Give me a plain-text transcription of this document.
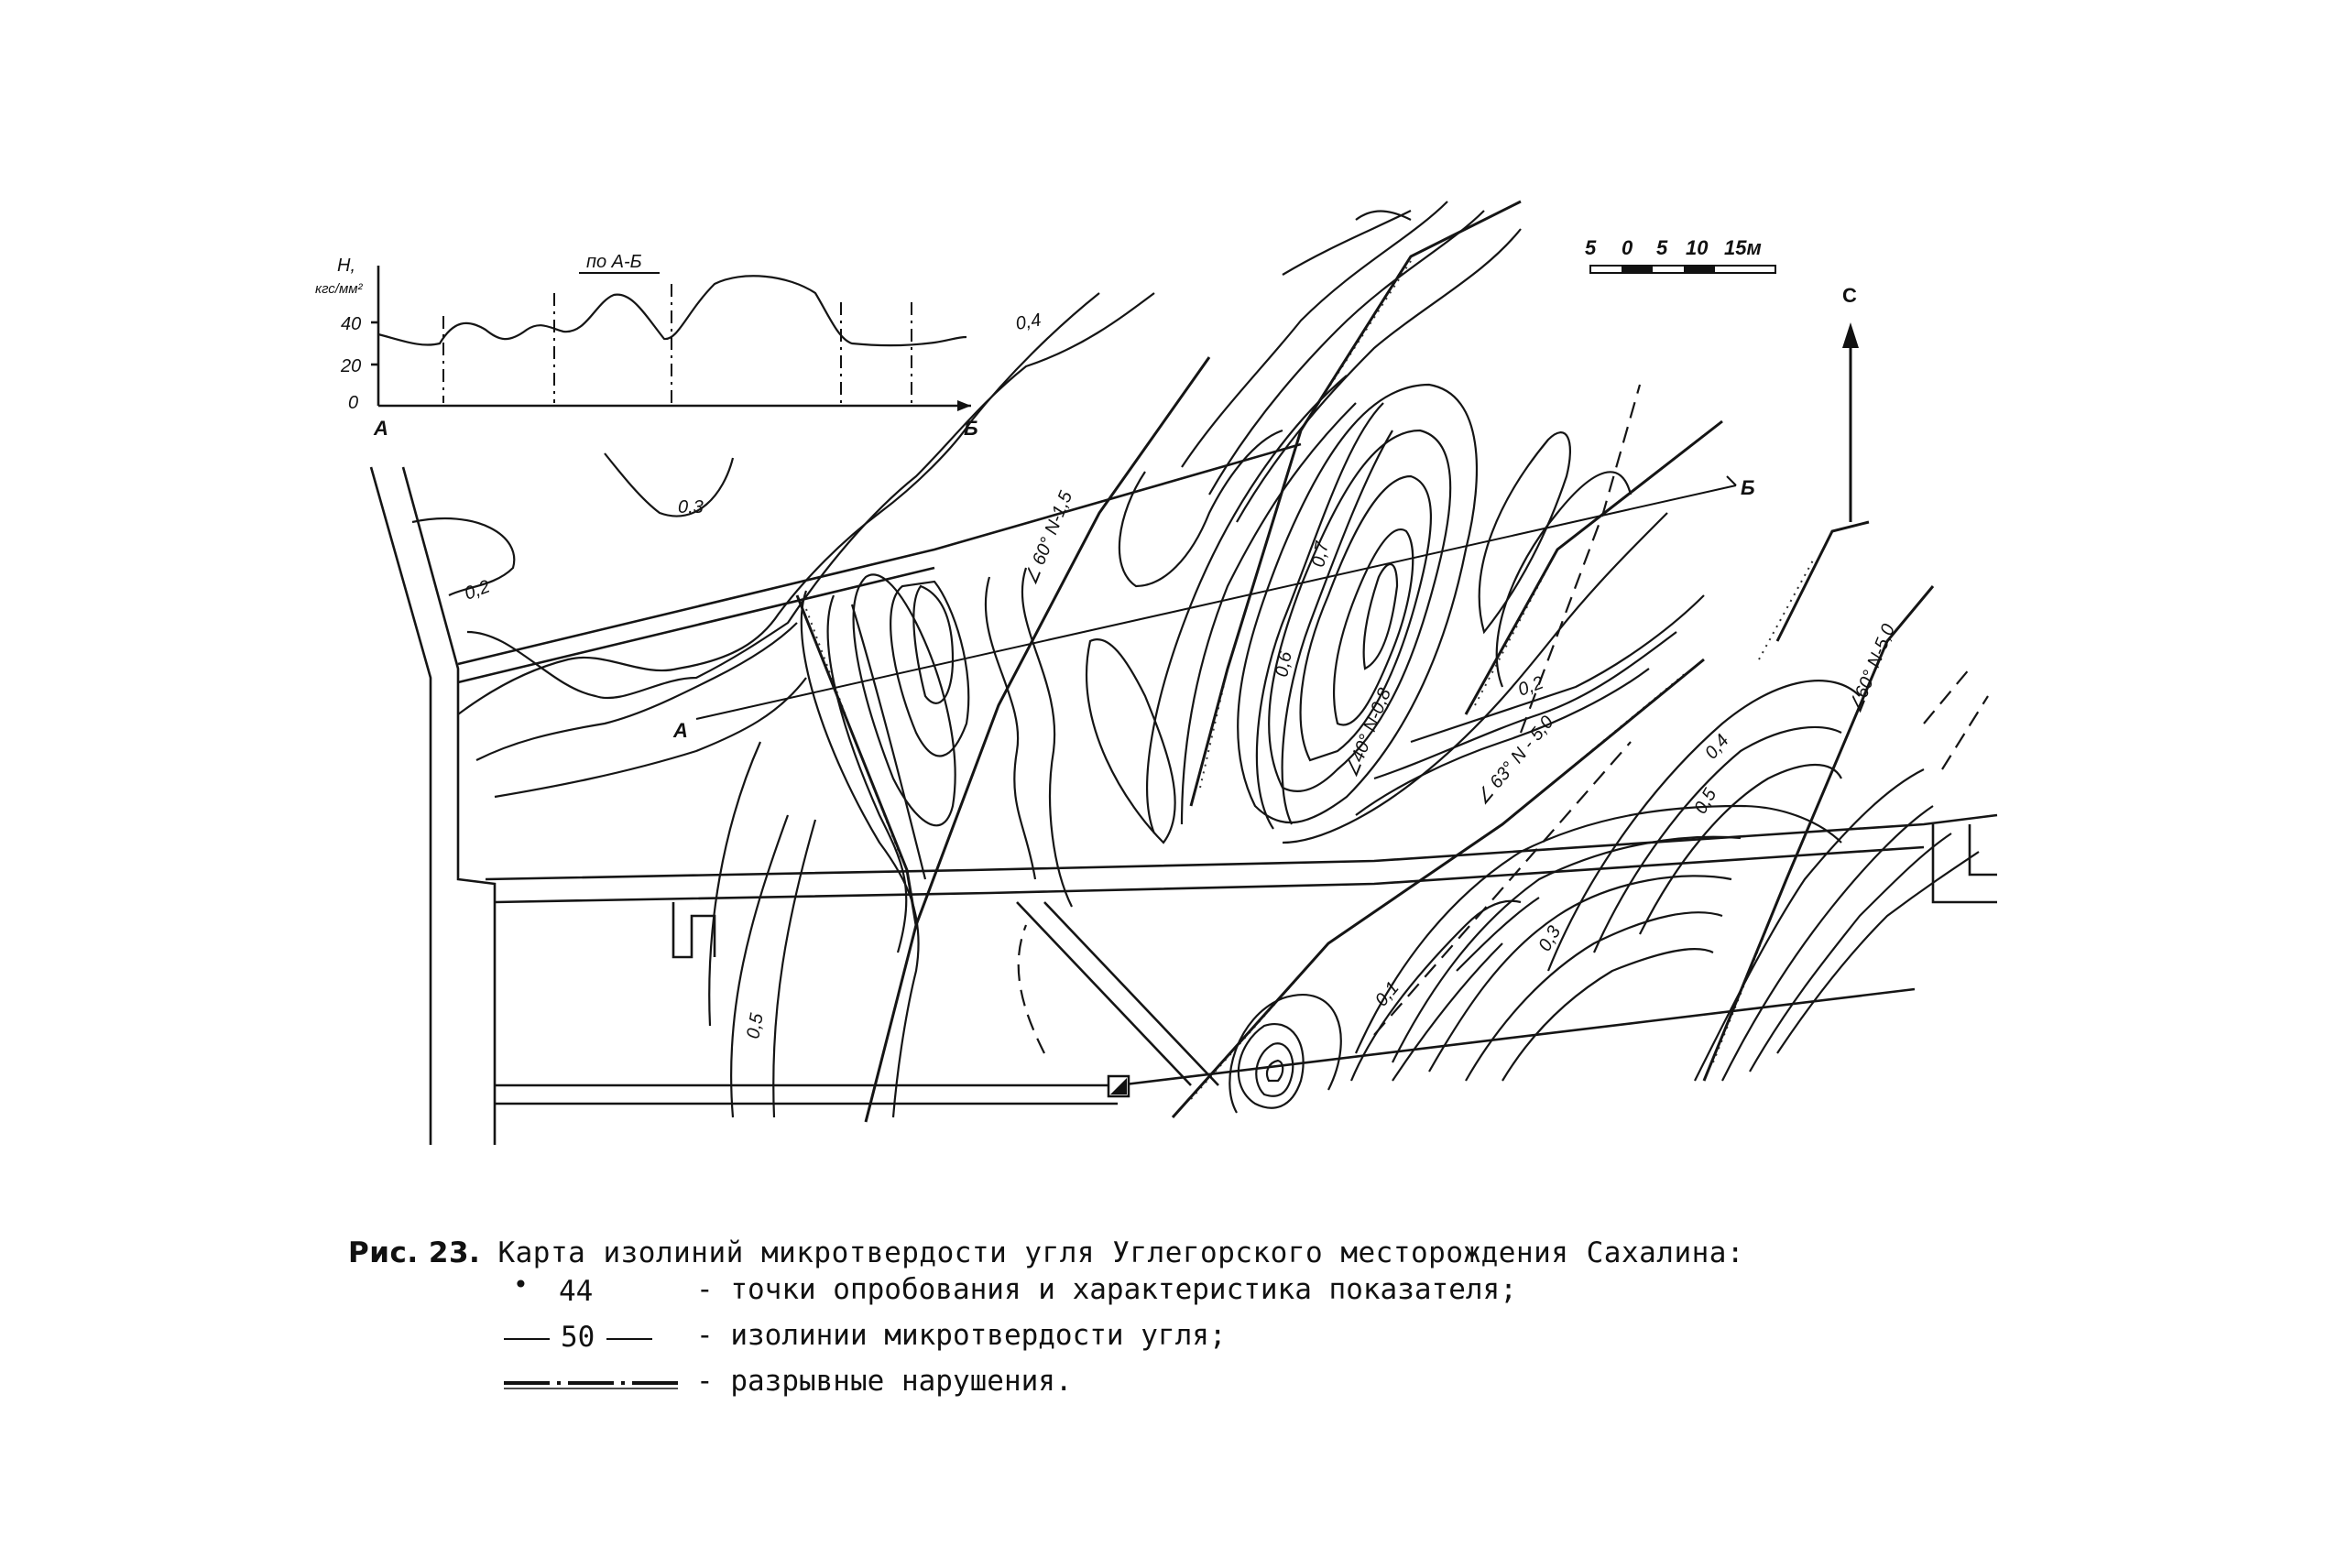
H,
кгс/мм²
40
20
0
А	Б
по А-Б
5 0 5 10 15м
С
А
Б
0,5
0,4
0,3
0,2
0,1
0,6
0,7
0,2
0,3
0,4
0,5
∠ 60° N-1,5
∠40° N-0,8	∠ 63° N - 5,0
∠60° N-5,0
Рис. 23. Карта изолиний микротвердости угля Углегорского месторождения Сахалина:
• 44	- точки опробования и характеристика показателя;
50	- изолинии микротвердости угля;
- разрывные нарушения.
